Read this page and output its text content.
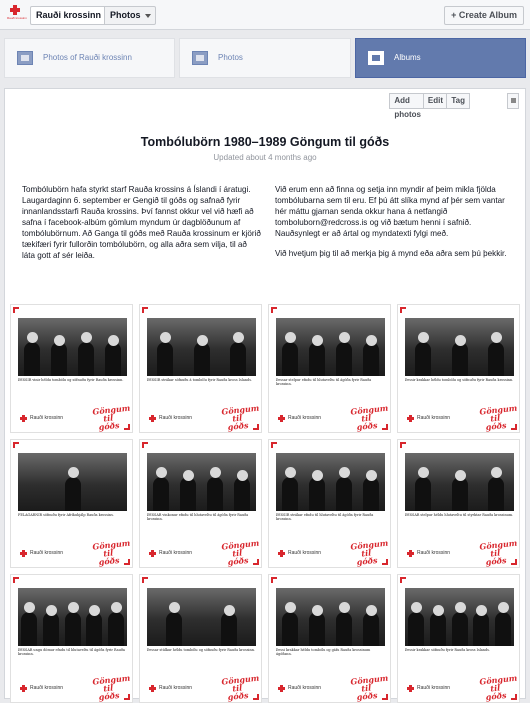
Rauði krossinn	Rauði krossinn Photos	+ Create Album
Photos of Rauði krossinn	Photos	Albums
Add photos
Edit	Tag
Tombólubörn 1980–1989 Göngum til góðs
Updated about 4 months ago

Tombólubörn hafa styrkt starf Rauða krossins á Íslandi í áratugi. Laugardaginn 6. september er Gengið til góðs og safnað fyrir innanlandsstarfi Rauða krossins. Því fannst okkur vel við hæfi að safna í facebook-albúm gömlum myndum úr dagblöðunum af tombólubörnum. Að Ganga til góðs með Rauða krossinum er kjörið tækifæri fyrir fullorðin tombólubörn, og alla aðra sem vilja, til að láta gott af sér leiða.

Við erum enn að finna og setja inn myndir af þeim mikla fjölda tombólubarna sem til eru. Ef þú átt slíka mynd af þér sem vantar hér máttu gjarnan senda okkur hana á netfangið tomboluborn@redcross.is og við bætum henni í safnið. Nauðsynlegt er að ártal og myndatexti fylgi með.

Við hvetjum þig til að merkja þig á mynd eða aðra sem þú þekkir.

ÞESSIR vinir héldu tombólu og söfnuðu fyrir Rauða krossinn.
Rauði krossinn
Göngum til góðs
ÞESSIR strákar söfnuðu á tombólu fyrir Rauða kross Íslands.
Rauði krossinn
Göngum til góðs
Þessar stelpur efndu til hlutaveltu til ágóða fyrir Rauða krossinn.
Rauði krossinn
Göngum til góðs
Þessir krakkar héldu tombólu og söfnuðu fyrir Rauða krossinn.
Rauði krossinn
Göngum til góðs
FÉLAGARNIR söfnuðu fyrir Afríkuhjálp Rauða krossins.
Rauði krossinn
Göngum til góðs
ÞESSAR vinkonur efndu til hlutaveltu til ágóða fyrir Rauða krossinn.
Rauði krossinn
Göngum til góðs
ÞESSIR strákar efndu til hlutaveltu til ágóða fyrir Rauða krossinn.
Rauði krossinn
Göngum til góðs
ÞESSAR stelpur héldu hlutaveltu til styrktar Rauða krossinum.
Rauði krossinn
Göngum til góðs
ÞESSAR ungu dömur efndu til hlutaveltu til ágóða fyrir Rauða krossinn.
Rauði krossinn
Göngum til góðs
Þessar stúlkur héldu tombólu og söfnuðu fyrir Rauða krossinn.
Rauði krossinn
Göngum til góðs
Þessi krakkar héldu tombólu og gáfu Rauða krossinum ágóðann.
Rauði krossinn
Göngum til góðs
Þessir krakkar söfnuðu fyrir Rauða kross Íslands.
Rauði krossinn
Göngum til góðs
